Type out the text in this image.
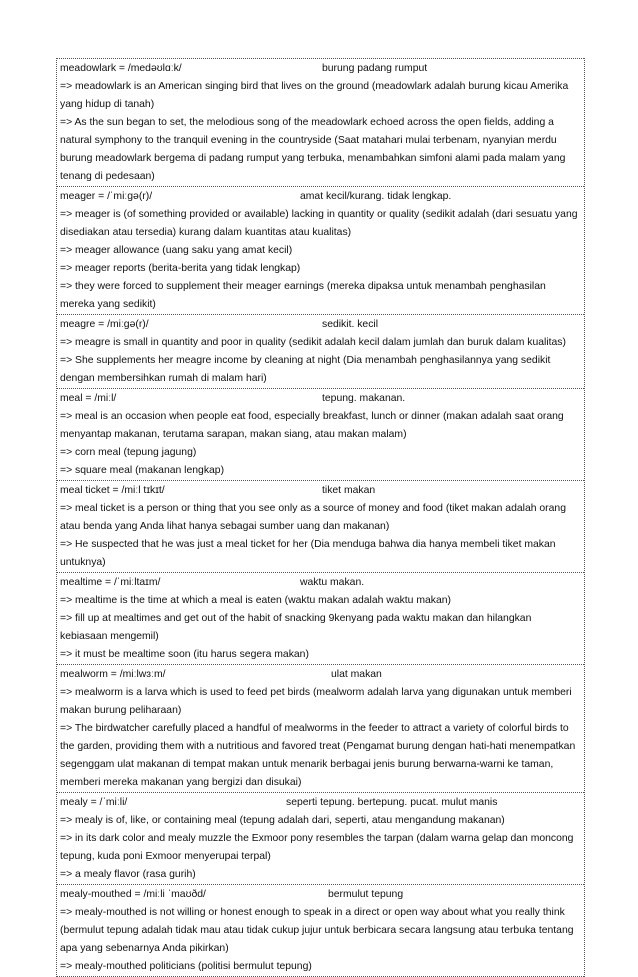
meadowlark = /medəʊlɑːk/	burung padang rumput
=> meadowlark is an American singing bird that lives on the ground (meadowlark adalah burung kicau Amerika yang hidup di tanah)
=> As the sun began to set, the melodious song of the meadowlark echoed across the open fields, adding a natural symphony to the tranquil evening in the countryside (Saat matahari mulai terbenam, nyanyian merdu burung meadowlark bergema di padang rumput yang terbuka, menambahkan simfoni alami pada malam yang tenang di pedesaan)
meager = /ˈmiːgə(r)/	amat kecil/kurang. tidak lengkap.
=> meager is (of something provided or available) lacking in quantity or quality (sedikit adalah (dari sesuatu yang disediakan atau tersedia) kurang dalam kuantitas atau kualitas)
=> meager allowance (uang saku yang amat kecil)
=> meager reports (berita-berita yang tidak lengkap)
=> they were forced to supplement their meager earnings (mereka dipaksa untuk menambah penghasilan mereka yang sedikit)
meagre = /miːgə(r)/	sedikit. kecil
=> meagre is small in quantity and poor in quality (sedikit adalah kecil dalam jumlah dan buruk dalam kualitas)
=> She supplements her meagre income by cleaning at night (Dia menambah penghasilannya yang sedikit dengan membersihkan rumah di malam hari)
meal = /miːl/	tepung. makanan.
=> meal is an occasion when people eat food, especially breakfast, lunch or dinner (makan adalah saat orang menyantap makanan, terutama sarapan, makan siang, atau makan malam)
=> corn meal (tepung jagung)
=> square meal (makanan lengkap)
meal ticket = /miːl tɪkɪt/	tiket makan
=> meal ticket is a person or thing that you see only as a source of money and food (tiket makan adalah orang atau benda yang Anda lihat hanya sebagai sumber uang dan makanan)
=> He suspected that he was just a meal ticket for her (Dia menduga bahwa dia hanya membeli tiket makan untuknya)
mealtime = /ˈmiːltaɪm/	waktu makan.
=> mealtime is the time at which a meal is eaten (waktu makan adalah waktu makan)
=> fill up at mealtimes and get out of the habit of snacking 9kenyang pada waktu makan dan hilangkan kebiasaan mengemil)
=> it must be mealtime soon (itu harus segera makan)
mealworm = /miːlwɜːm/	ulat makan
=> mealworm is a larva which is used to feed pet birds (mealworm adalah larva yang digunakan untuk memberi makan burung peliharaan)
=> The birdwatcher carefully placed a handful of mealworms in the feeder to attract a variety of colorful birds to the garden, providing them with a nutritious and favored treat (Pengamat burung dengan hati-hati menempatkan segenggam ulat makanan di tempat makan untuk menarik berbagai jenis burung berwarna-warni ke taman, memberi mereka makanan yang bergizi dan disukai)
mealy = /ˈmiːli/	seperti tepung. bertepung. pucat. mulut manis
=> mealy is of, like, or containing meal (tepung adalah dari, seperti, atau mengandung makanan)
=> in its dark color and mealy muzzle the Exmoor pony resembles the tarpan (dalam warna gelap dan moncong tepung, kuda poni Exmoor menyerupai terpal)
=> a mealy flavor (rasa gurih)
mealy-mouthed = /miːli ˈmaʊðd/	bermulut tepung
=> mealy-mouthed is not willing or honest enough to speak in a direct or open way about what you really think (bermulut tepung adalah tidak mau atau tidak cukup jujur untuk berbicara secara langsung atau terbuka tentang apa yang sebenarnya Anda pikirkan)
=> mealy-mouthed politicians (politisi bermulut tepung)
